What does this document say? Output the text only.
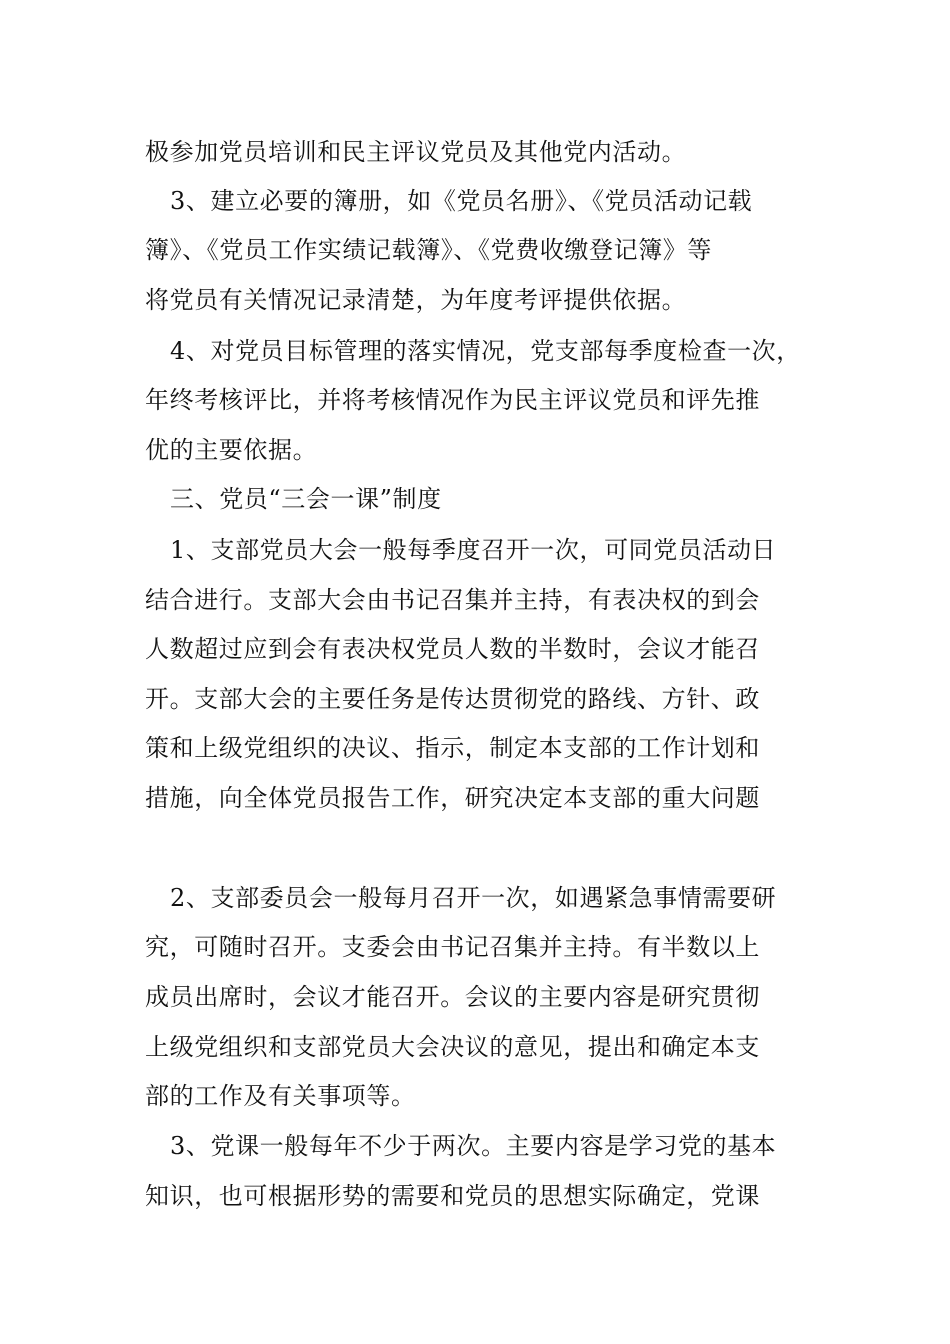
极参加党员培训和民主评议党员及其他党内活动。
3、建立必要的簿册，如《党员名册》、《党员活动记载
簿》、《党员工作实绩记载簿》、《党费收缴登记簿》等
将党员有关情况记录清楚，为年度考评提供依据。
4、对党员目标管理的落实情况，党支部每季度检查一次，
年终考核评比，并将考核情况作为民主评议党员和评先推
优的主要依据。
三、党员“三会一课”制度
1、支部党员大会一般每季度召开一次，可同党员活动日
结合进行。支部大会由书记召集并主持，有表决权的到会
人数超过应到会有表决权党员人数的半数时，会议才能召
开。支部大会的主要任务是传达贯彻党的路线、方针、政
策和上级党组织的决议、指示，制定本支部的工作计划和
措施，向全体党员报告工作，研究决定本支部的重大问题
2、支部委员会一般每月召开一次，如遇紧急事情需要研
究，可随时召开。支委会由书记召集并主持。有半数以上
成员出席时，会议才能召开。会议的主要内容是研究贯彻
上级党组织和支部党员大会决议的意见，提出和确定本支
部的工作及有关事项等。
3、党课一般每年不少于两次。主要内容是学习党的基本
知识，也可根据形势的需要和党员的思想实际确定，党课
